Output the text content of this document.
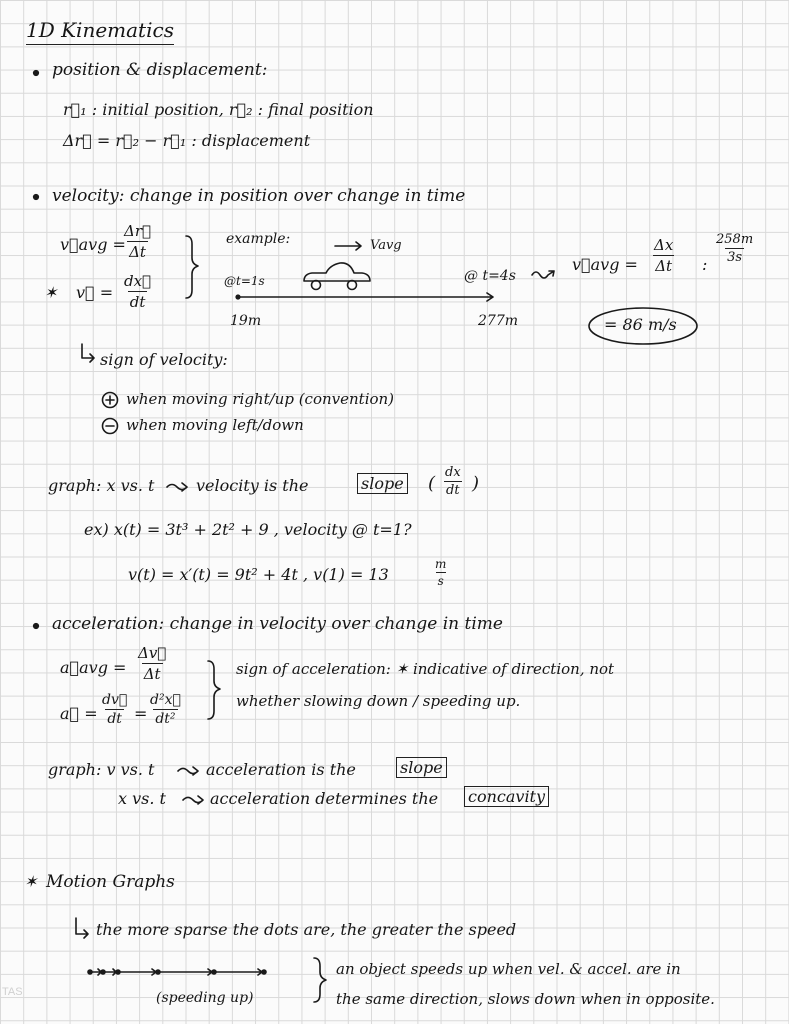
1D Kinematics
position & displacement:
r⃗₁ : initial position, r⃗₂ : final position
Δr⃗ = r⃗₂ − r⃗₁ : displacement
velocity: change in position over change in time
v⃗avg =
$\frac{\Delta r⃗}{\Delta t}$
✶ v⃗ = $\frac{dx⃗}{dt}$
example:	Vavg
@t=1s	@ t=4s
19m	277m
v⃗avg = $\frac{\Delta x}{\Delta t}$ : $\frac{258m}{3s}$
= 86 m/s
sign of velocity:
when moving right/up (convention)
when moving left/down
graph: x vs. t	velocity is the	slope ( $\frac{dx}{dt}$ )
ex) x(t) = 3t³ + 2t² + 9 , velocity @ t=1?
v(t) = x′(t) = 9t² + 4t , v(1) = 13	$\frac{m}{s}$
acceleration: change in velocity over change in time
a⃗avg = $\frac{\Delta v⃗}{\Delta t}$
a⃗ = $\frac{dv⃗}{dt} = \frac{\text{d²x⃗}}{\text{dt²}}$
sign of acceleration: ✶ indicative of direction, not
whether slowing down / speeding up.
graph: v vs. t	acceleration is the	slope
x vs. t	acceleration determines the concavity
✶ Motion Graphs
the more sparse the dots are, the greater the speed
(speeding up)
an object speeds up when vel. & accel. are in
the same direction, slows down when in opposite.
TAS
